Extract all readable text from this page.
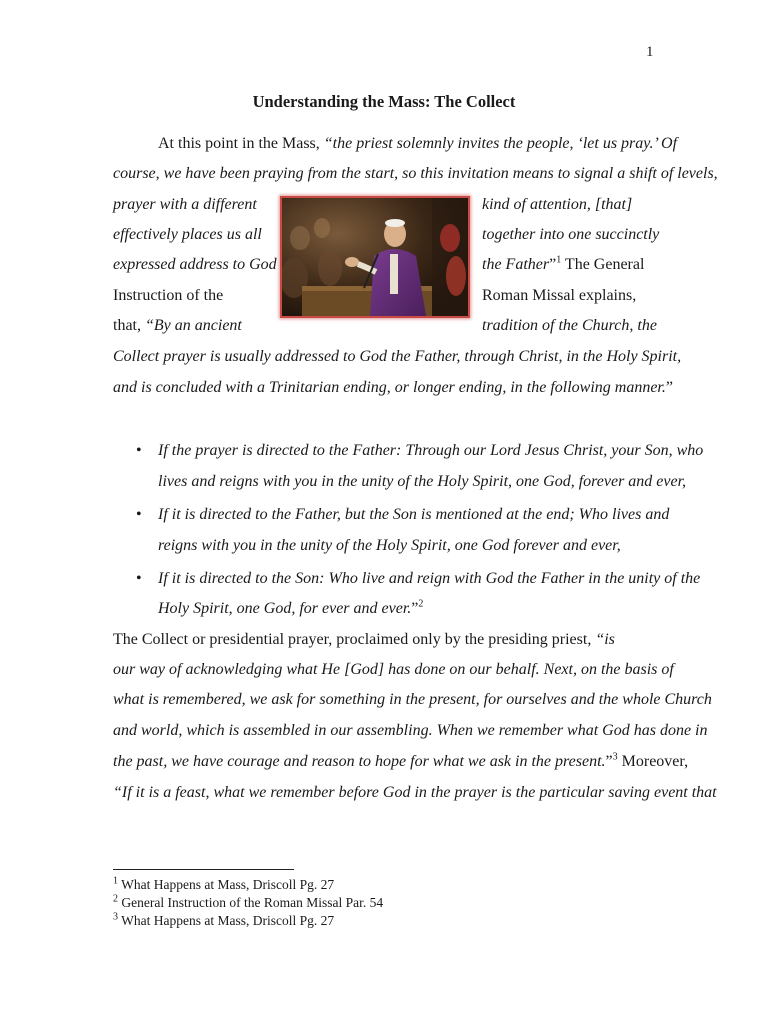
1
Understanding the Mass: The Collect
At this point in the Mass, “the priest solemnly invites the people, ‘let us pray.’ Of
course, we have been praying from the start, so this invitation means to signal a shift of levels,
prayer with a different
effectively places us all
expressed address to God
Instruction of the
that, “By an ancient
kind of attention, [that]
together into one succinctly
the Father”$^1$ The General
Roman Missal explains,
tradition of the Church, the
Collect prayer is usually addressed to God the Father, through Christ, in the Holy Spirit,
and is concluded with a Trinitarian ending, or longer ending, in the following manner.”
• If the prayer is directed to the Father: Through our Lord Jesus Christ, your Son, who
lives and reigns with you in the unity of the Holy Spirit, one God, forever and ever,
• If it is directed to the Father, but the Son is mentioned at the end; Who lives and
reigns with you in the unity of the Holy Spirit, one God forever and ever,
• If it is directed to the Son: Who live and reign with God the Father in the unity of the
Holy Spirit, one God, for ever and ever.”$^2$
The Collect or presidential prayer, proclaimed only by the presiding priest, “is
our way of acknowledging what He [God] has done on our behalf. Next, on the basis of
what is remembered, we ask for something in the present, for ourselves and the whole Church
and world, which is assembled in our assembling. When we remember what God has done in
the past, we have courage and reason to hope for what we ask in the present.”$^3$ Moreover,
“If it is a feast, what we remember before God in the prayer is the particular saving event that
$^1$ What Happens at Mass, Driscoll Pg. 27
$^2$ General Instruction of the Roman Missal Par. 54
$^3$ What Happens at Mass, Driscoll Pg. 27
